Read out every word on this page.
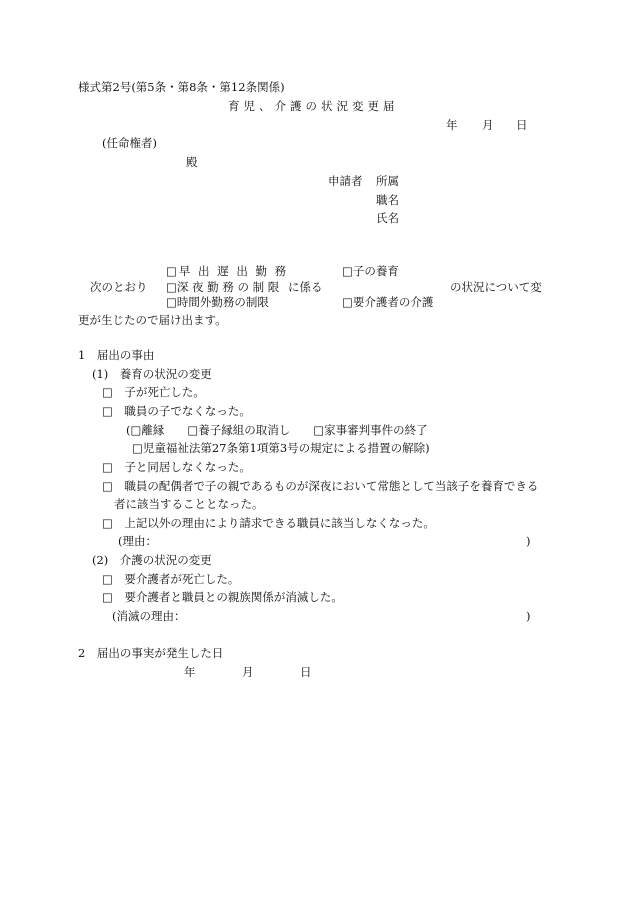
様式第2号(第5条・第8条・第12条関係)
育児、介護の状況変更届
年 月 日
(任命権者)
殿
申請者 所属
職名
氏名
□早 出 遅 出 勤 務	□子の養育
次のとおり □深 夜 勤 務 の 制 限 に係る	の状況について変
□時間外勤務の制限	□要介護者の介護
更が生じたので届け出ます。
1　届出の事由
(1)　養育の状況の変更
□　子が死亡した。
□　職員の子でなくなった。
(□離縁　　□養子縁組の取消し　　□家事審判事件の終了
□児童福祉法第27条第1項第3号の規定による措置の解除)
□　子と同居しなくなった。
□　職員の配偶者で子の親であるものが深夜において常態として当該子を養育できる
者に該当することとなった。
□　上記以外の理由により請求できる職員に該当しなくなった。
(理由：	)
(2)　介護の状況の変更
□　要介護者が死亡した。
□　要介護者と職員との親族関係が消滅した。
(消滅の理由：	)
2　届出の事実が発生した日
年	月	日
